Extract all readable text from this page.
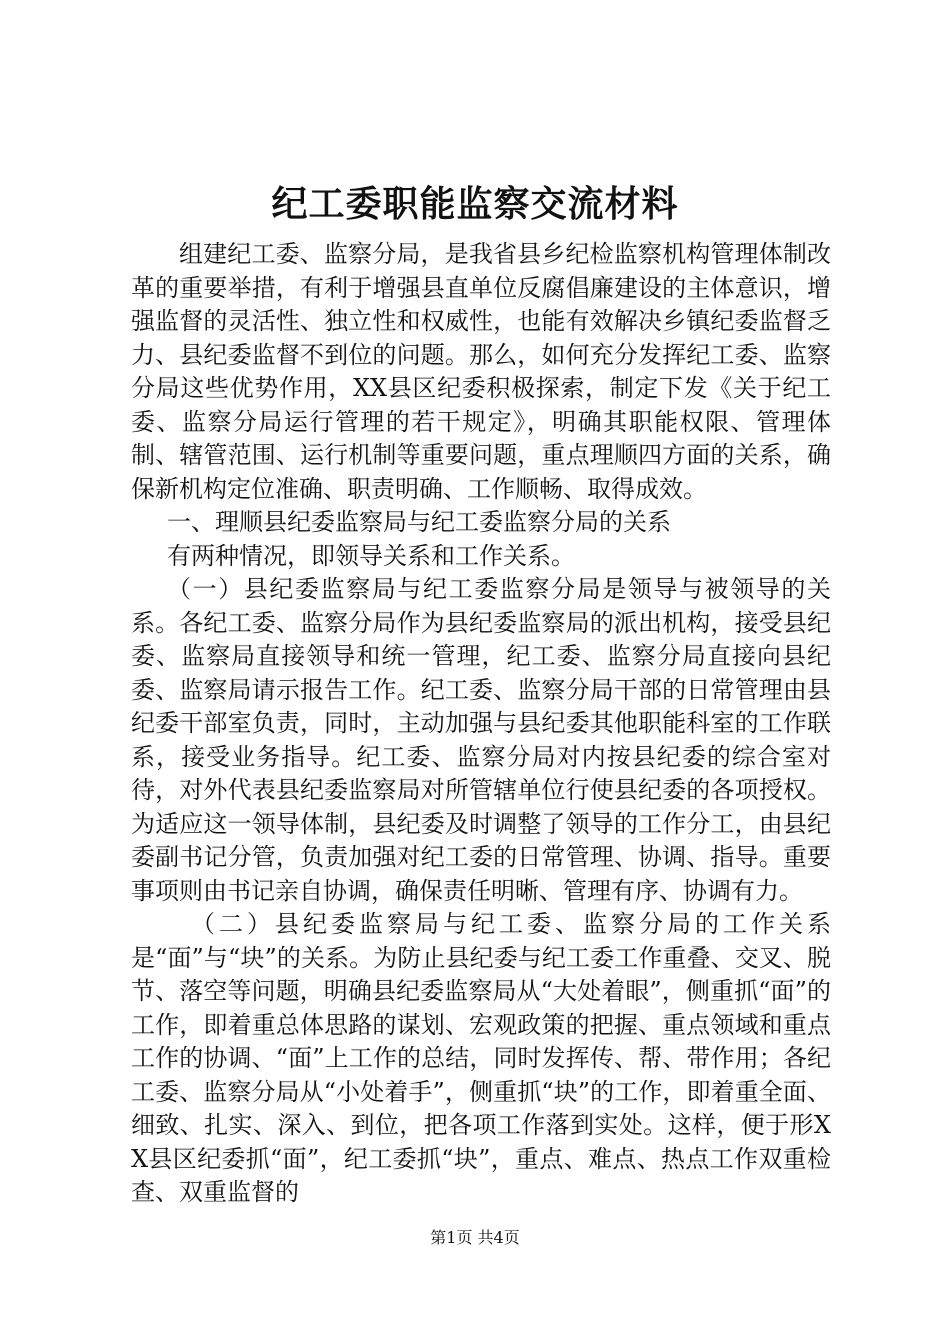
纪工委职能监察交流材料

组建纪工委、监察分局，是我省县乡纪检监察机构管理体制改革的重要举措，有利于增强县直单位反腐倡廉建设的主体意识，增强监督的灵活性、独立性和权威性，也能有效解决乡镇纪委监督乏力、县纪委监督不到位的问题。那么，如何充分发挥纪工委、监察分局这些优势作用，XX县区纪委积极探索，制定下发《关于纪工委、监察分局运行管理的若干规定》，明确其职能权限、管理体制、辖管范围、运行机制等重要问题，重点理顺四方面的关系，确保新机构定位准确、职责明确、工作顺畅、取得成效。

一、理顺县纪委监察局与纪工委监察分局的关系

有两种情况，即领导关系和工作关系。

（一）县纪委监察局与纪工委监察分局是领导与被领导的关系。各纪工委、监察分局作为县纪委监察局的派出机构，接受县纪委、监察局直接领导和统一管理，纪工委、监察分局直接向县纪委、监察局请示报告工作。纪工委、监察分局干部的日常管理由县纪委干部室负责，同时，主动加强与县纪委其他职能科室的工作联系，接受业务指导。纪工委、监察分局对内按县纪委的综合室对待，对外代表县纪委监察局对所管辖单位行使县纪委的各项授权。为适应这一领导体制，县纪委及时调整了领导的工作分工，由县纪委副书记分管，负责加强对纪工委的日常管理、协调、指导。重要事项则由书记亲自协调，确保责任明晰、管理有序、协调有力。

（二）县纪委监察局与纪工委、监察分局的工作关系是“面”与“块”的关系。为防止县纪委与纪工委工作重叠、交叉、脱节、落空等问题，明确县纪委监察局从“大处着眼”，侧重抓“面”的工作，即着重总体思路的谋划、宏观政策的把握、重点领域和重点工作的协调、“面”上工作的总结，同时发挥传、帮、带作用；各纪工委、监察分局从“小处着手”，侧重抓“块”的工作，即着重全面、细致、扎实、深入、到位，把各项工作落到实处。这样，便于形XX县区纪委抓“面”，纪工委抓“块”，重点、难点、热点工作双重检查、双重监督的

第1页 共4页
